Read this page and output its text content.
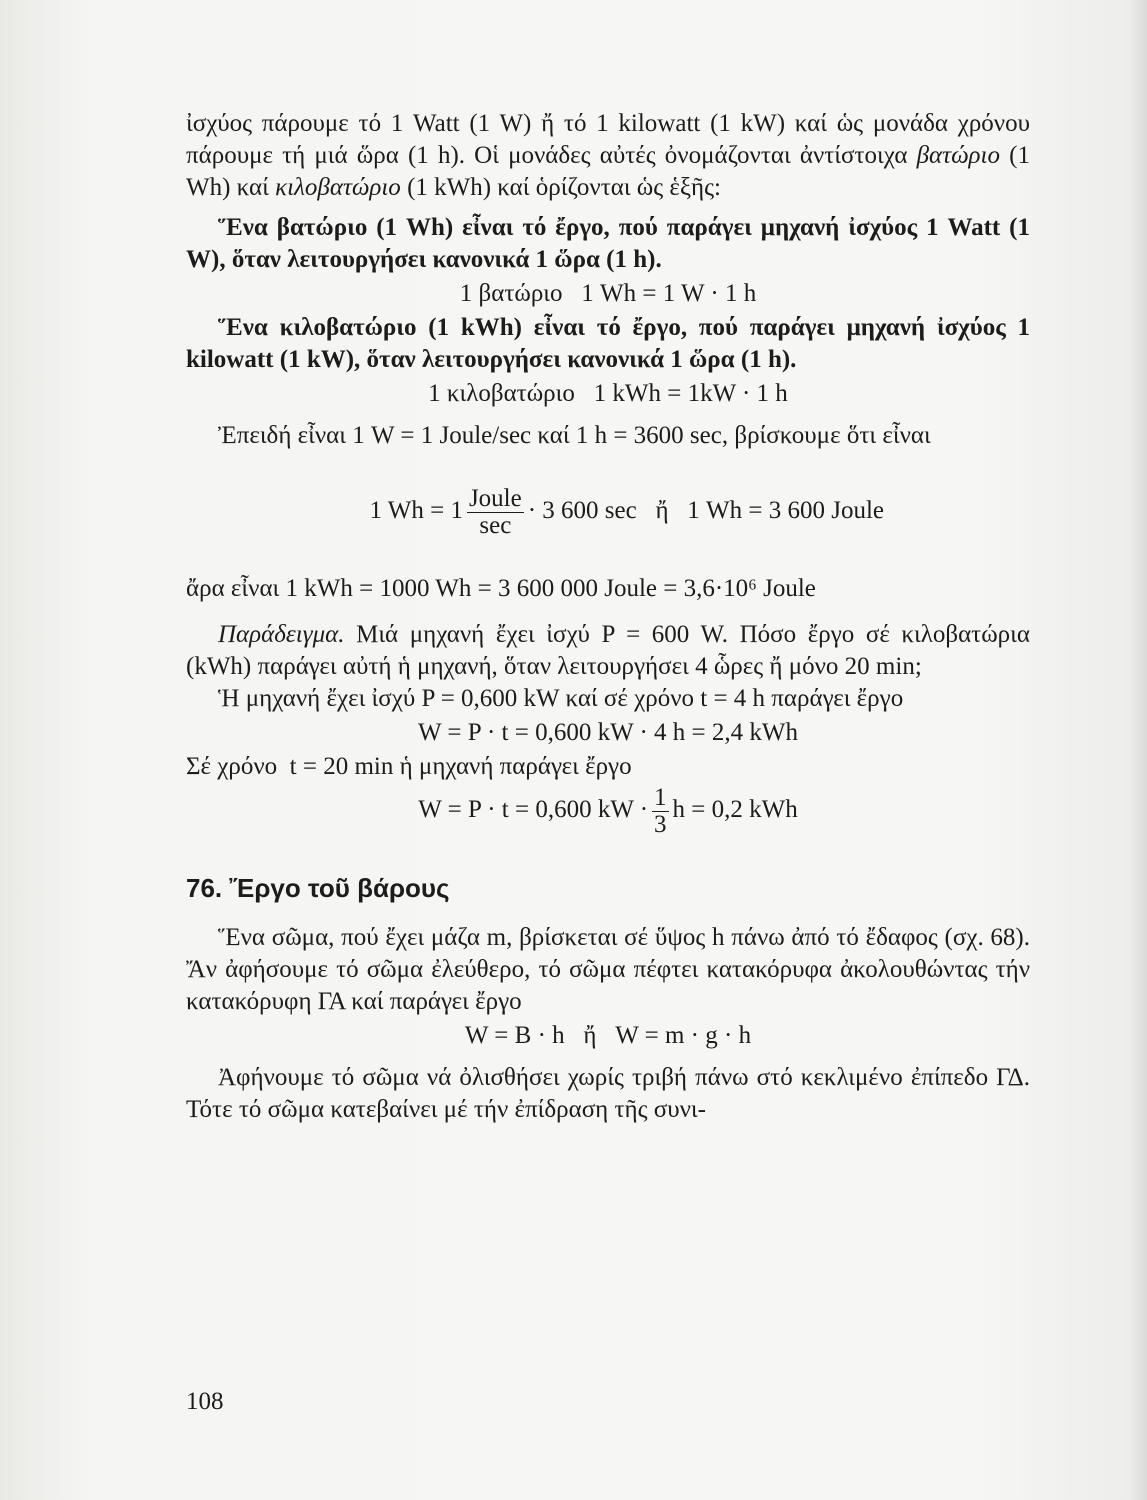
ἰσχύος πάρουμε τό 1 Watt (1 W) ἤ τό 1 kilowatt (1 kW) καί ὡς μονάδα χρόνου πάρουμε τή μιά ὥρα (1 h). Οἱ μονάδες αὐτές ὀνομάζονται ἀντίστοιχα βατώριο (1 Wh) καί κιλοβατώριο (1 kWh) καί ὁρίζονται ὡς ἑξῆς:

Ἕνα βατώριο (1 Wh) εἶναι τό ἔργο, πού παράγει μηχανή ἰσχύος 1 Watt (1 W), ὅταν λειτουργήσει κανονικά 1 ὥρα (1 h).

1 βατώριο   1 Wh = 1 W · 1 h

Ἕνα κιλοβατώριο (1 kWh) εἶναι τό ἔργο, πού παράγει μηχανή ἰσχύος 1 kilowatt (1 kW), ὅταν λειτουργήσει κανονικά 1 ὥρα (1 h).

1 κιλοβατώριο   1 kWh = 1kW · 1 h

Ἐπειδή εἶναι 1 W = 1 Joule/sec καί 1 h = 3600 sec, βρίσκουμε ὅτι εἶναι

1 $Wh = 1 \frac{\text{Joule}}{\sec} \cdot 3$ 600 sec   ἤ   1 Wh = 3 600 Joule

ἄρα εἶναι 1 kWh = 1000 Wh = 3 600 000 Joule = 3,6·10⁶ Joule

Παράδειγμα. Μιά μηχανή ἔχει ἰσχύ P = 600 W. Πόσο ἔργο σέ κιλοβατώρια (kWh) παράγει αὐτή ἡ μηχανή, ὅταν λειτουργήσει 4 ὧρες ἤ μόνο 20 min;

Ἡ μηχανή ἔχει ἰσχύ P = 0,600 kW καί σέ χρόνο t = 4 h παράγει ἔργο

W = P · t = 0,600 kW · 4 h = 2,4 kWh

Σέ χρόνο  t = 20 min ἡ μηχανή παράγει ἔργο

W = P · t = 0,600 kW · $\frac{1}{3}$ h = 0,2 kWh

76. Ἔργο τοῦ βάρους

Ἕνα σῶμα, πού ἔχει μάζα m, βρίσκεται σέ ὕψος h πάνω ἀπό τό ἔδαφος (σχ. 68). Ἄν ἀφήσουμε τό σῶμα ἐλεύθερο, τό σῶμα πέφτει κατακόρυφα ἀκολουθώντας τήν κατακόρυφη ΓΑ καί παράγει ἔργο

W = B · h   ἤ   W = m · g · h

Ἀφήνουμε τό σῶμα νά ὀλισθήσει χωρίς τριβή πάνω στό κεκλιμένο ἐπίπεδο ΓΔ. Τότε τό σῶμα κατεβαίνει μέ τήν ἐπίδραση τῆς συνι-

108
